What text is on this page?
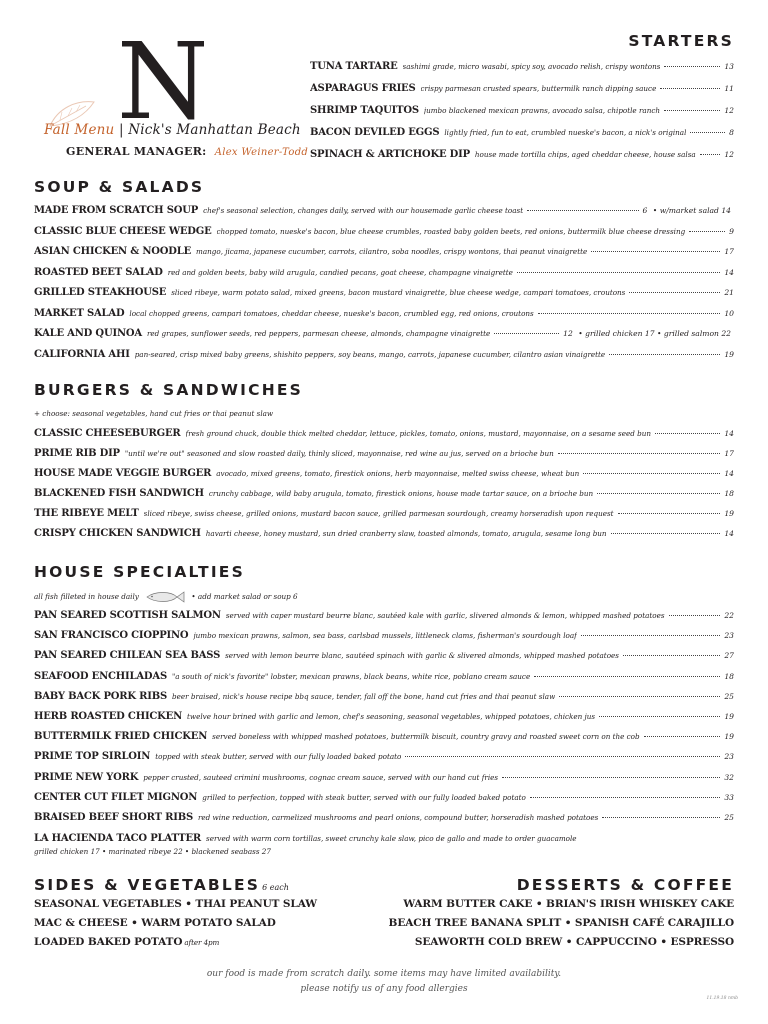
N
Fall Menu | Nick's Manhattan Beach
GENERAL MANAGER: Alex Weiner-Todd
STARTERS
TUNA TARTARE sashimi grade, micro wasabi, spicy soy, avocado relish, crispy wontons	13
ASPARAGUS FRIES crispy parmesan crusted spears, buttermilk ranch dipping sauce	11
SHRIMP TAQUITOS jumbo blackened mexican prawns, avocado salsa, chipotle ranch	12
BACON DEVILED EGGS lightly fried, fun to eat, crumbled nueske's bacon, a nick's original	8
SPINACH & ARTICHOKE DIP house made tortilla chips, aged cheddar cheese, house salsa	12
SOUP & SALADS
MADE FROM SCRATCH SOUP chef's seasonal selection, changes daily, served with our housemade garlic cheese toast	6
• w/market salad 14
CLASSIC BLUE CHEESE WEDGE chopped tomato, nueske's bacon, blue cheese crumbles, roasted baby golden beets, red onions, buttermilk blue cheese dressing	9
ASIAN CHICKEN & NOODLE mango, jicama, japanese cucumber, carrots, cilantro, soba noodles, crispy wontons, thai peanut vinaigrette	17
ROASTED BEET SALAD red and golden beets, baby wild arugula, candied pecans, goat cheese, champagne vinaigrette	14
GRILLED STEAKHOUSE sliced ribeye, warm potato salad, mixed greens, bacon mustard vinaigrette, blue cheese wedge, campari tomatoes, croutons	21
MARKET SALAD local chopped greens, campari tomatoes, cheddar cheese, nueske's bacon, crumbled egg, red onions, croutons	10
KALE AND QUINOA red grapes, sunflower seeds, red peppers, parmesan cheese, almonds, champagne vinaigrette	12
• grilled chicken 17 • grilled salmon 22
CALIFORNIA AHI pan-seared, crisp mixed baby greens, shishito peppers, soy beans, mango, carrots, japanese cucumber, cilantro asian vinaigrette	19
BURGERS & SANDWICHES
+ choose: seasonal vegetables, hand cut fries or thai peanut slaw
CLASSIC CHEESEBURGER fresh ground chuck, double thick melted cheddar, lettuce, pickles, tomato, onions, mustard, mayonnaise, on a sesame seed bun	14
PRIME RIB DIP "until we're out" seasoned and slow roasted daily, thinly sliced, mayonnaise, red wine au jus, served on a brioche bun	17
HOUSE MADE VEGGIE BURGER avocado, mixed greens, tomato, firestick onions, herb mayonnaise, melted swiss cheese, wheat bun	14
BLACKENED FISH SANDWICH crunchy cabbage, wild baby arugula, tomato, firestick onions, house made tartar sauce, on a brioche bun	18
THE RIBEYE MELT sliced ribeye, swiss cheese, grilled onions, mustard bacon sauce, grilled parmesan sourdough, creamy horseradish upon request	19
CRISPY CHICKEN SANDWICH havarti cheese, honey mustard, sun dried cranberry slaw, toasted almonds, tomato, arugula, sesame long bun	14
HOUSE SPECIALTIES
all fish filleted in house daily	• add market salad or soup 6
PAN SEARED SCOTTISH SALMON served with caper mustard beurre blanc, sautéed kale with garlic, slivered almonds & lemon, whipped mashed potatoes	22
SAN FRANCISCO CIOPPINO jumbo mexican prawns, salmon, sea bass, carlsbad mussels, littleneck clams, fisherman's sourdough loaf	23
PAN SEARED CHILEAN SEA BASS served with lemon beurre blanc, sautéed spinach with garlic & slivered almonds, whipped mashed potatoes	27
SEAFOOD ENCHILADAS "a south of nick's favorite" lobster, mexican prawns, black beans, white rice, poblano cream sauce	18
BABY BACK PORK RIBS beer braised, nick's house recipe bbq sauce, tender, fall off the bone, hand cut fries and thai peanut slaw	25
HERB ROASTED CHICKEN twelve hour brined with garlic and lemon, chef's seasoning, seasonal vegetables, whipped potatoes, chicken jus	19
BUTTERMILK FRIED CHICKEN served boneless with whipped mashed potatoes, buttermilk biscuit, country gravy and roasted sweet corn on the cob	19
PRIME TOP SIRLOIN topped with steak butter, served with our fully loaded baked potato	23
PRIME NEW YORK pepper crusted, sauteed crimini mushrooms, cognac cream sauce, served with our hand cut fries	32
CENTER CUT FILET MIGNON grilled to perfection, topped with steak butter, served with our fully loaded baked potato	33
BRAISED BEEF SHORT RIBS red wine reduction, carmelized mushrooms and pearl onions, compound butter, horseradish mashed potatoes	25
LA HACIENDA TACO PLATTER served with warm corn tortillas, sweet crunchy kale slaw, pico de gallo and made to order guacamole
grilled chicken 17 • marinated ribeye 22 • blackened seabass 27
SIDES & VEGETABLES 6 each
SEASONAL VEGETABLES • THAI PEANUT SLAW
MAC & CHEESE • WARM POTATO SALAD
LOADED BAKED POTATO after 4pm
DESSERTS & COFFEE
WARM BUTTER CAKE • BRIAN'S IRISH WHISKEY CAKE
BEACH TREE BANANA SPLIT • SPANISH CAFÉ CARAJILLO
SEAWORTH COLD BREW • CAPPUCCINO • ESPRESSO
our food is made from scratch daily. some items may have limited availability.
please notify us of any food allergies
11.19.18 nmb
